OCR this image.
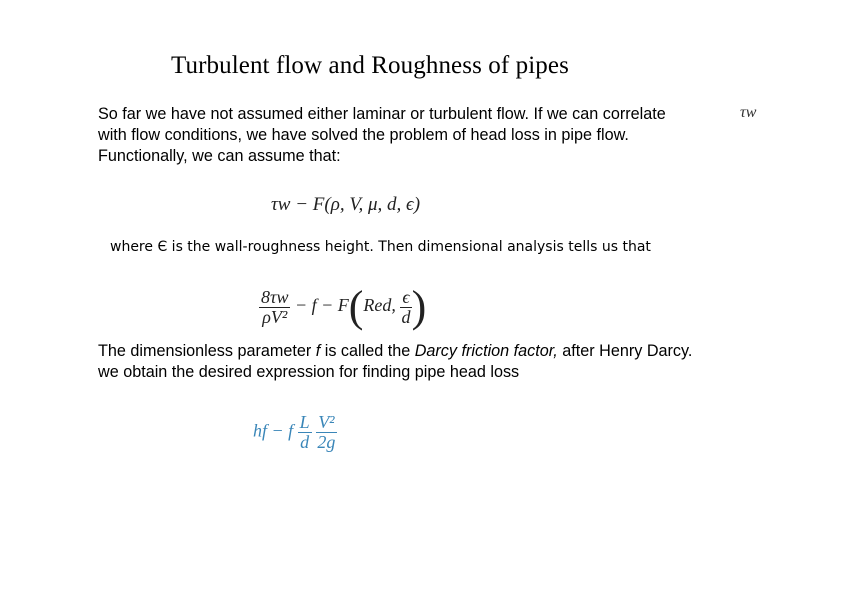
Turbulent flow and Roughness of pipes
So far we have not assumed either laminar or turbulent flow. If we can correlate
with flow conditions, we have solved the problem of head loss in pipe flow.
Functionally, we can assume that:
τw
τw − F(ρ, V, μ, d, ϵ)
where Є is the wall-roughness height. Then dimensional analysis tells us that
$\frac{8\tau w}{\text{ρV²}} - f - F(Red$, $\frac{\epsilon}{d}$ )
The dimensionless parameter f is called the Darcy friction factor, after Henry Darcy.
we obtain the desired expression for finding pipe head loss
hf − f $\frac{L}{d}$
$\frac{\text{V²}}{2g}$
